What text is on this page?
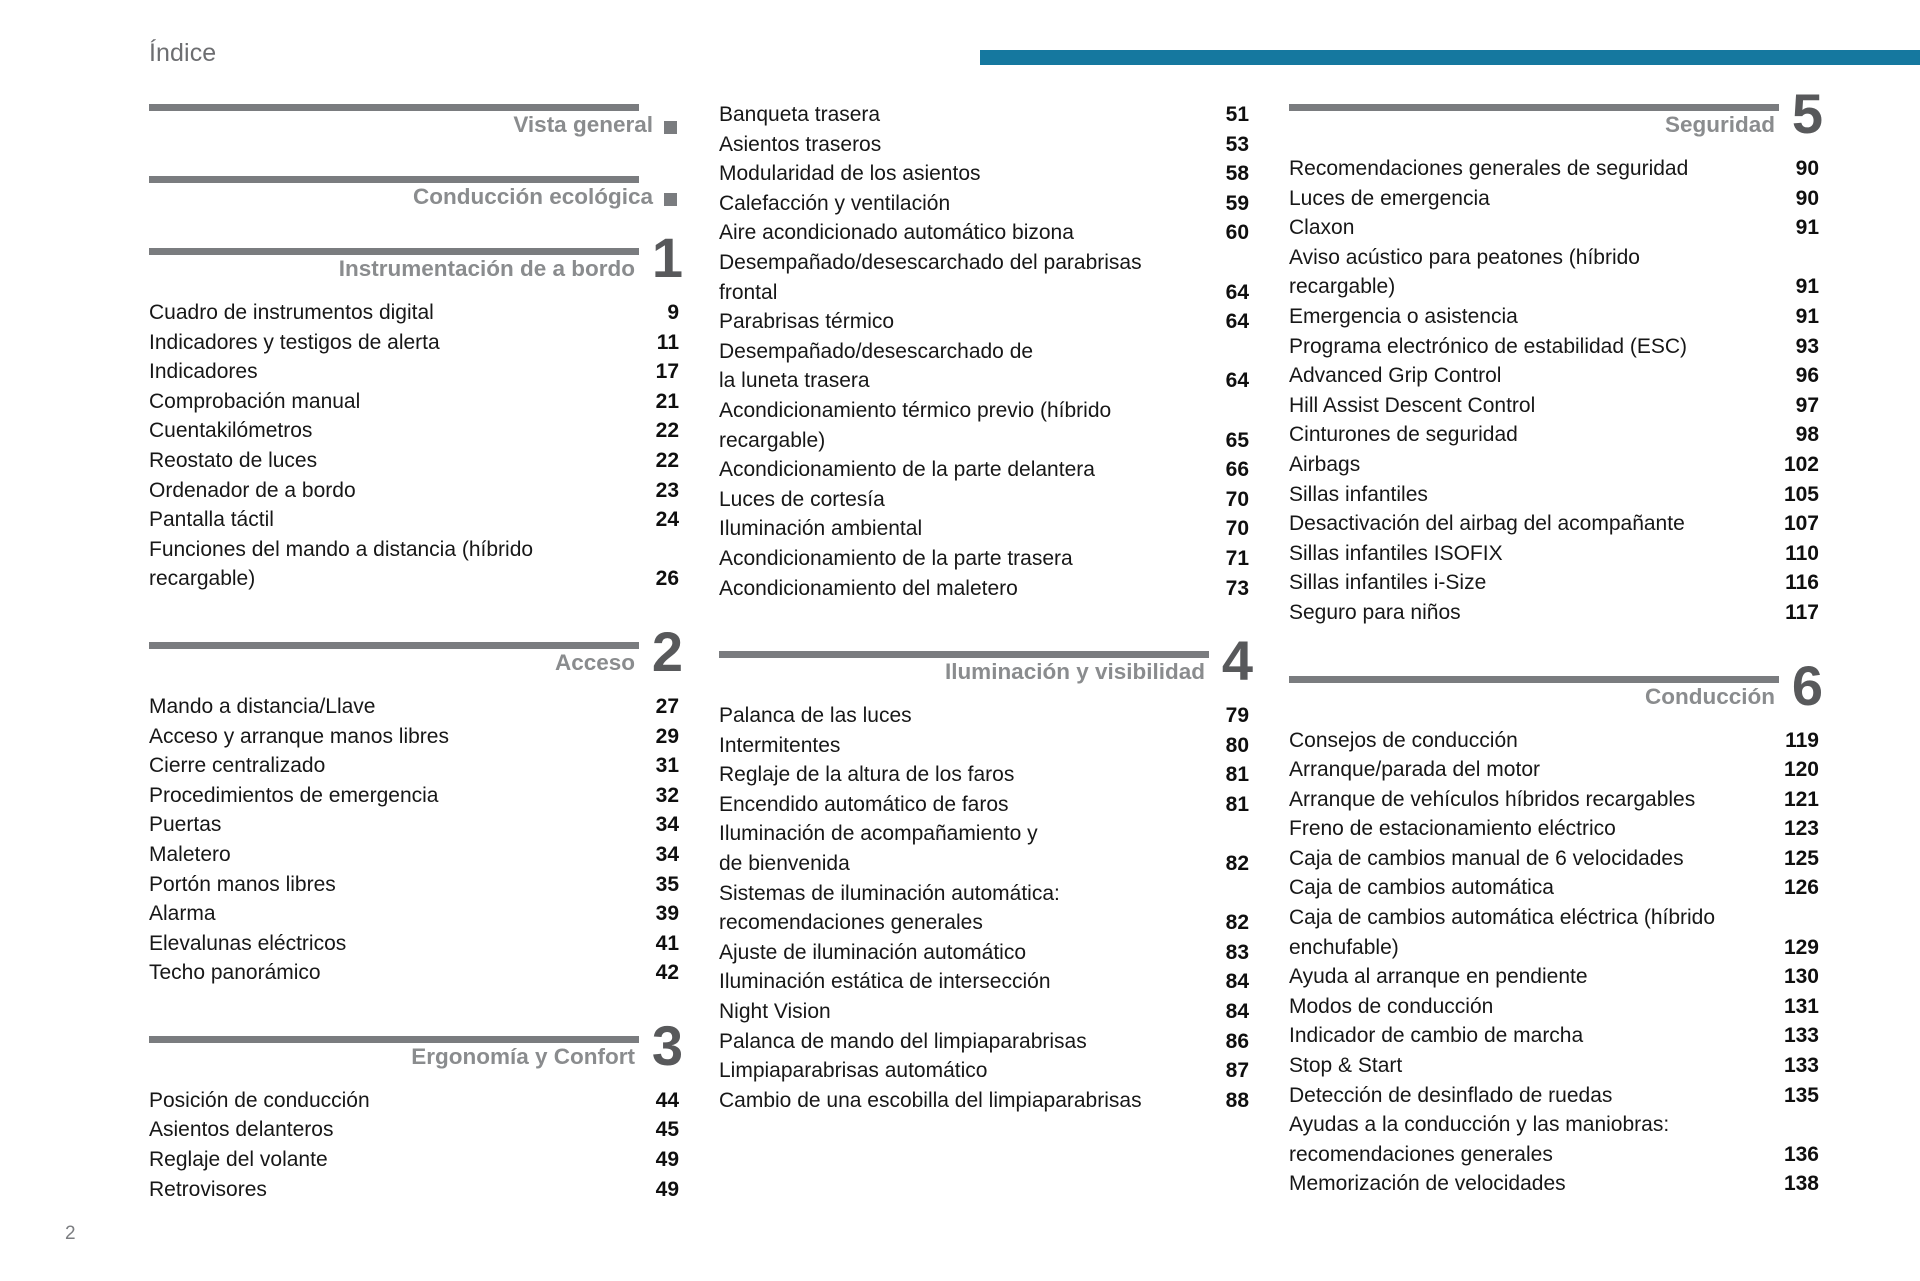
Índice
Vista general
Conducción ecológica
Instrumentación de a bordo 1
Cuadro de instrumentos digital	9
Indicadores y testigos de alerta	11
Indicadores	17
Comprobación manual	21
Cuentakilómetros	22
Reostato de luces	22
Ordenador de a bordo	23
Pantalla táctil	24
Funciones del mando a distancia (híbrido
recargable)	26
Acceso 2
Mando a distancia/Llave	27
Acceso y arranque manos libres	29
Cierre centralizado	31
Procedimientos de emergencia	32
Puertas	34
Maletero	34
Portón manos libres	35
Alarma	39
Elevalunas eléctricos	41
Techo panorámico	42
Ergonomía y Confort 3
Posición de conducción	44
Asientos delanteros	45
Reglaje del volante	49
Retrovisores	49
Banqueta trasera	51
Asientos traseros	53
Modularidad de los asientos	58
Calefacción y ventilación	59
Aire acondicionado automático bizona	60
Desempañado/desescarchado del parabrisas
frontal	64
Parabrisas térmico	64
Desempañado/desescarchado de
la luneta trasera	64
Acondicionamiento térmico previo (híbrido
recargable)	65
Acondicionamiento de la parte delantera	66
Luces de cortesía	70
Iluminación ambiental	70
Acondicionamiento de la parte trasera	71
Acondicionamiento del maletero	73
Iluminación y visibilidad 4
Palanca de las luces	79
Intermitentes	80
Reglaje de la altura de los faros	81
Encendido automático de faros	81
Iluminación de acompañamiento y
de bienvenida	82
Sistemas de iluminación automática:
recomendaciones generales	82
Ajuste de iluminación automático	83
Iluminación estática de intersección	84
Night Vision	84
Palanca de mando del limpiaparabrisas	86
Limpiaparabrisas automático	87
Cambio de una escobilla del limpiaparabrisas	88
Seguridad 5
Recomendaciones generales de seguridad	90
Luces de emergencia	90
Claxon	91
Aviso acústico para peatones (híbrido
recargable)	91
Emergencia o asistencia	91
Programa electrónico de estabilidad (ESC)	93
Advanced Grip Control	96
Hill Assist Descent Control	97
Cinturones de seguridad	98
Airbags	102
Sillas infantiles	105
Desactivación del airbag del acompañante	107
Sillas infantiles ISOFIX	110
Sillas infantiles i-Size	116
Seguro para niños	117
Conducción 6
Consejos de conducción	119
Arranque/parada del motor	120
Arranque de vehículos híbridos recargables	121
Freno de estacionamiento eléctrico	123
Caja de cambios manual de 6 velocidades	125
Caja de cambios automática	126
Caja de cambios automática eléctrica (híbrido
enchufable)	129
Ayuda al arranque en pendiente	130
Modos de conducción	131
Indicador de cambio de marcha	133
Stop & Start	133
Detección de desinflado de ruedas	135
Ayudas a la conducción y las maniobras:
recomendaciones generales	136
Memorización de velocidades	138
2
